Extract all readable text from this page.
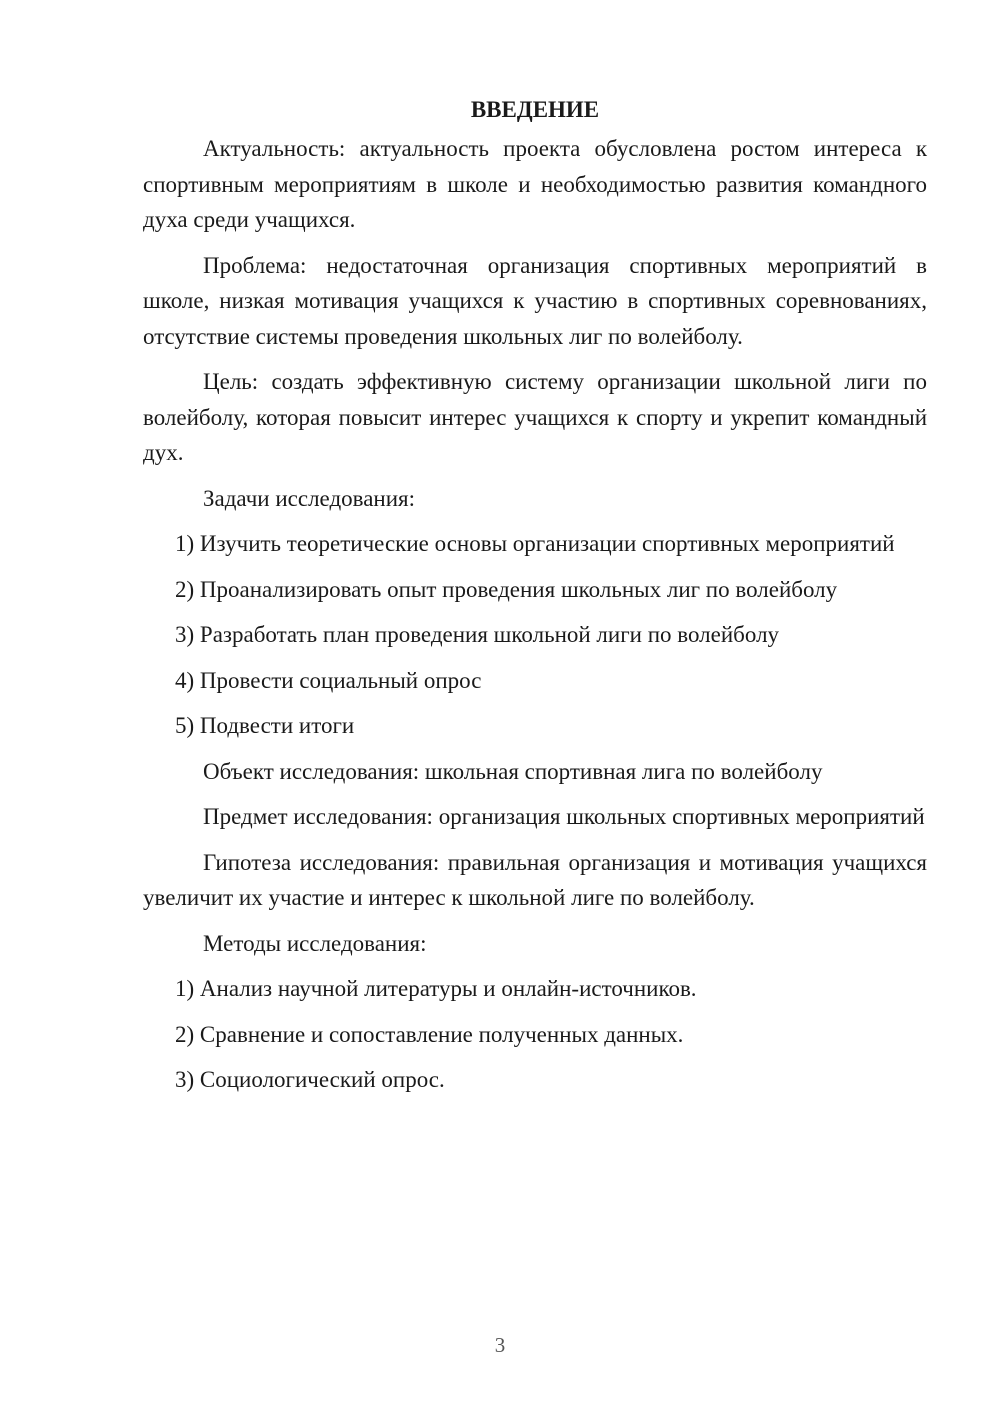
ВВЕДЕНИЕ

Актуальность: актуальность проекта обусловлена ростом интереса к спортивным мероприятиям в школе и необходимостью развития командного духа среди учащихся.

Проблема: недостаточная организация спортивных мероприятий в школе, низкая мотивация учащихся к участию в спортивных соревнованиях, отсутствие системы проведения школьных лиг по волейболу.

Цель: создать эффективную систему организации школьной лиги по волейболу, которая повысит интерес учащихся к спорту и укрепит командный дух.

Задачи исследования:

1) Изучить теоретические основы организации спортивных мероприятий

2) Проанализировать опыт проведения школьных лиг по волейболу

3) Разработать план проведения школьной лиги по волейболу

4) Провести социальный опрос

5) Подвести итоги

Объект исследования: школьная спортивная лига по волейболу

Предмет исследования: организация школьных спортивных мероприятий

Гипотеза исследования: правильная организация и мотивация учащихся увеличит их участие и интерес к школьной лиге по волейболу.

Методы исследования:

1) Анализ научной литературы и онлайн-источников.

2) Сравнение и сопоставление полученных данных.

3) Социологический опрос.

3
